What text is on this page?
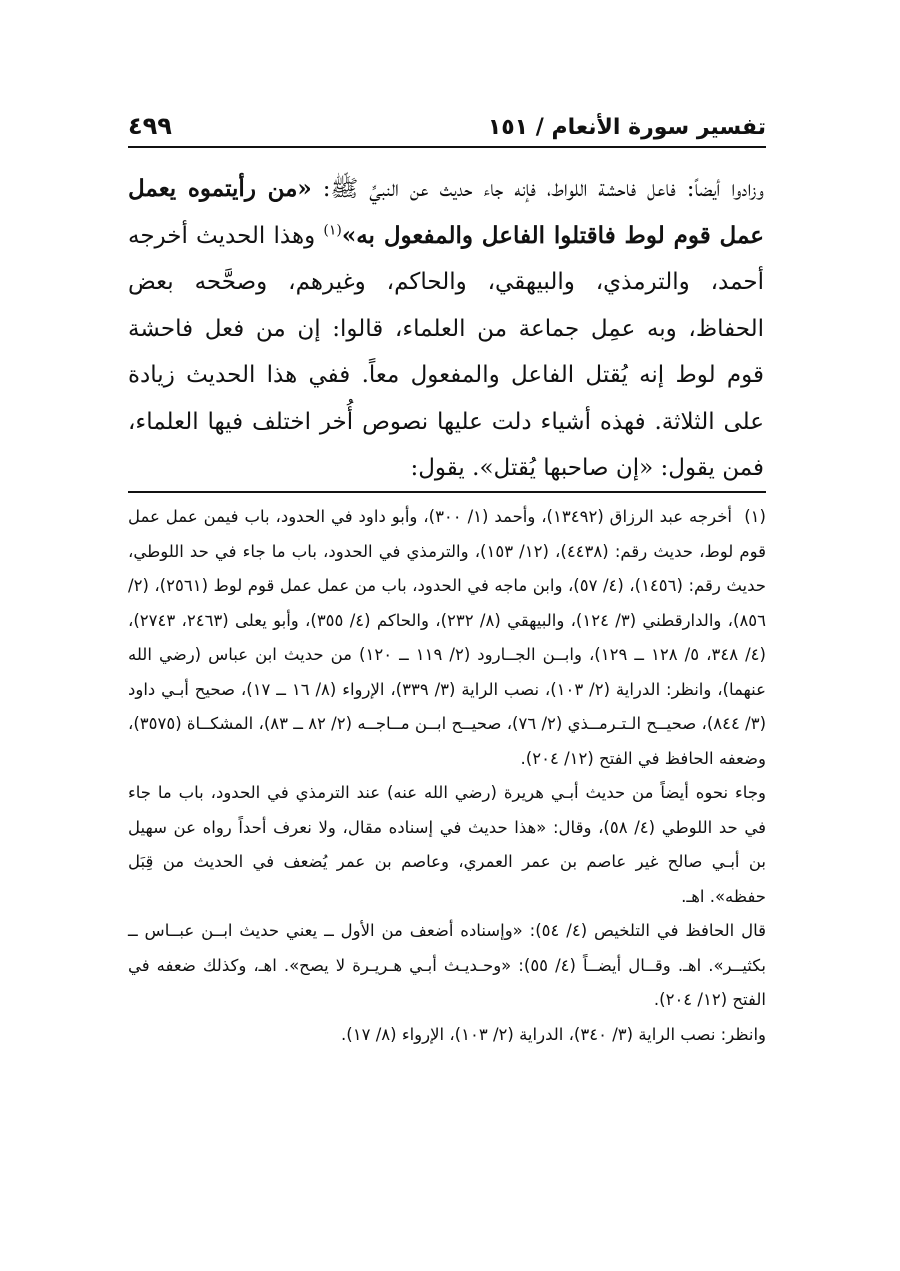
تفسير سورة الأنعام / ١٥١
٤٩٩
وزادوا أيضاً: فاعل فاحشة اللواط، فإنه جاء حديث عن النبيِّ ﷺ: «من رأيتموه يعمل عمل قوم لوط فاقتلوا الفاعل والمفعول به»$^{(١)}$ وهذا الحديث أخرجه أحمد، والترمذي، والبيهقي، والحاكم، وغيرهم، وصحَّحه بعض الحفاظ، وبه عمِل جماعة من العلماء، قالوا: إن من فعل فاحشة قوم لوط إنه يُقتل الفاعل والمفعول معاً. ففي هذا الحديث زيادة على الثلاثة. فهذه أشياء دلت عليها نصوص أُخر اختلف فيها العلماء، فمن يقول: «إن صاحبها يُقتل». يقول:

(١)أخرجه عبد الرزاق (١٣٤٩٢)، وأحمد (١/ ٣٠٠)، وأبو داود في الحدود، باب فيمن عمل عمل قوم لوط، حديث رقم: (٤٤٣٨)، (١٢/ ١٥٣)، والترمذي في الحدود، باب ما جاء في حد اللوطي، حديث رقم: (١٤٥٦)، (٤/ ٥٧)، وابن ماجه في الحدود، باب من عمل عمل قوم لوط (٢٥٦١)، (٢/ ٨٥٦)، والدارقطني (٣/ ١٢٤)، والبيهقي (٨/ ٢٣٢)، والحاكم (٤/ ٣٥٥)، وأبو يعلى (٢٤٦٣، ٢٧٤٣)، (٤/ ٣٤٨، ٥/ ١٢٨ ــ ١٢٩)، وابــن الجــارود (٢/ ١١٩ ــ ١٢٠) من حديث ابن عباس (رضي الله عنهما)، وانظر: الدراية (٢/ ١٠٣)، نصب الراية (٣/ ٣٣٩)، الإرواء (٨/ ١٦ ــ ١٧)، صحيح أبـي داود (٣/ ٨٤٤)، صحيــح الـتـرمــذي (٢/ ٧٦)، صحيــح ابــن مــاجــه (٢/ ٨٢ ــ ٨٣)، المشكــاة (٣٥٧٥)، وضعفه الحافظ في الفتح (١٢/ ٢٠٤).

وجاء نحوه أيضاً من حديث أبـي هريرة (رضي الله عنه) عند الترمذي في الحدود، باب ما جاء في حد اللوطي (٤/ ٥٨)، وقال: «هذا حديث في إسناده مقال، ولا نعرف أحداً رواه عن سهيل بن أبـي صالح غير عاصم بن عمر العمري، وعاصم بن عمر يُضعف في الحديث من قِبَل حفظه». اهـ.

قال الحافظ في التلخيص (٤/ ٥٤): «وإسناده أضعف من الأول ــ يعني حديث ابــن عبــاس ــ بكثيــر». اهـ. وقــال أيضــاً (٤/ ٥٥): «وحـديـث أبـي هـريـرة لا يصح». اهـ، وكذلك ضعفه في الفتح (١٢/ ٢٠٤).

وانظر: نصب الراية (٣/ ٣٤٠)، الدراية (٢/ ١٠٣)، الإرواء (٨/ ١٧).
